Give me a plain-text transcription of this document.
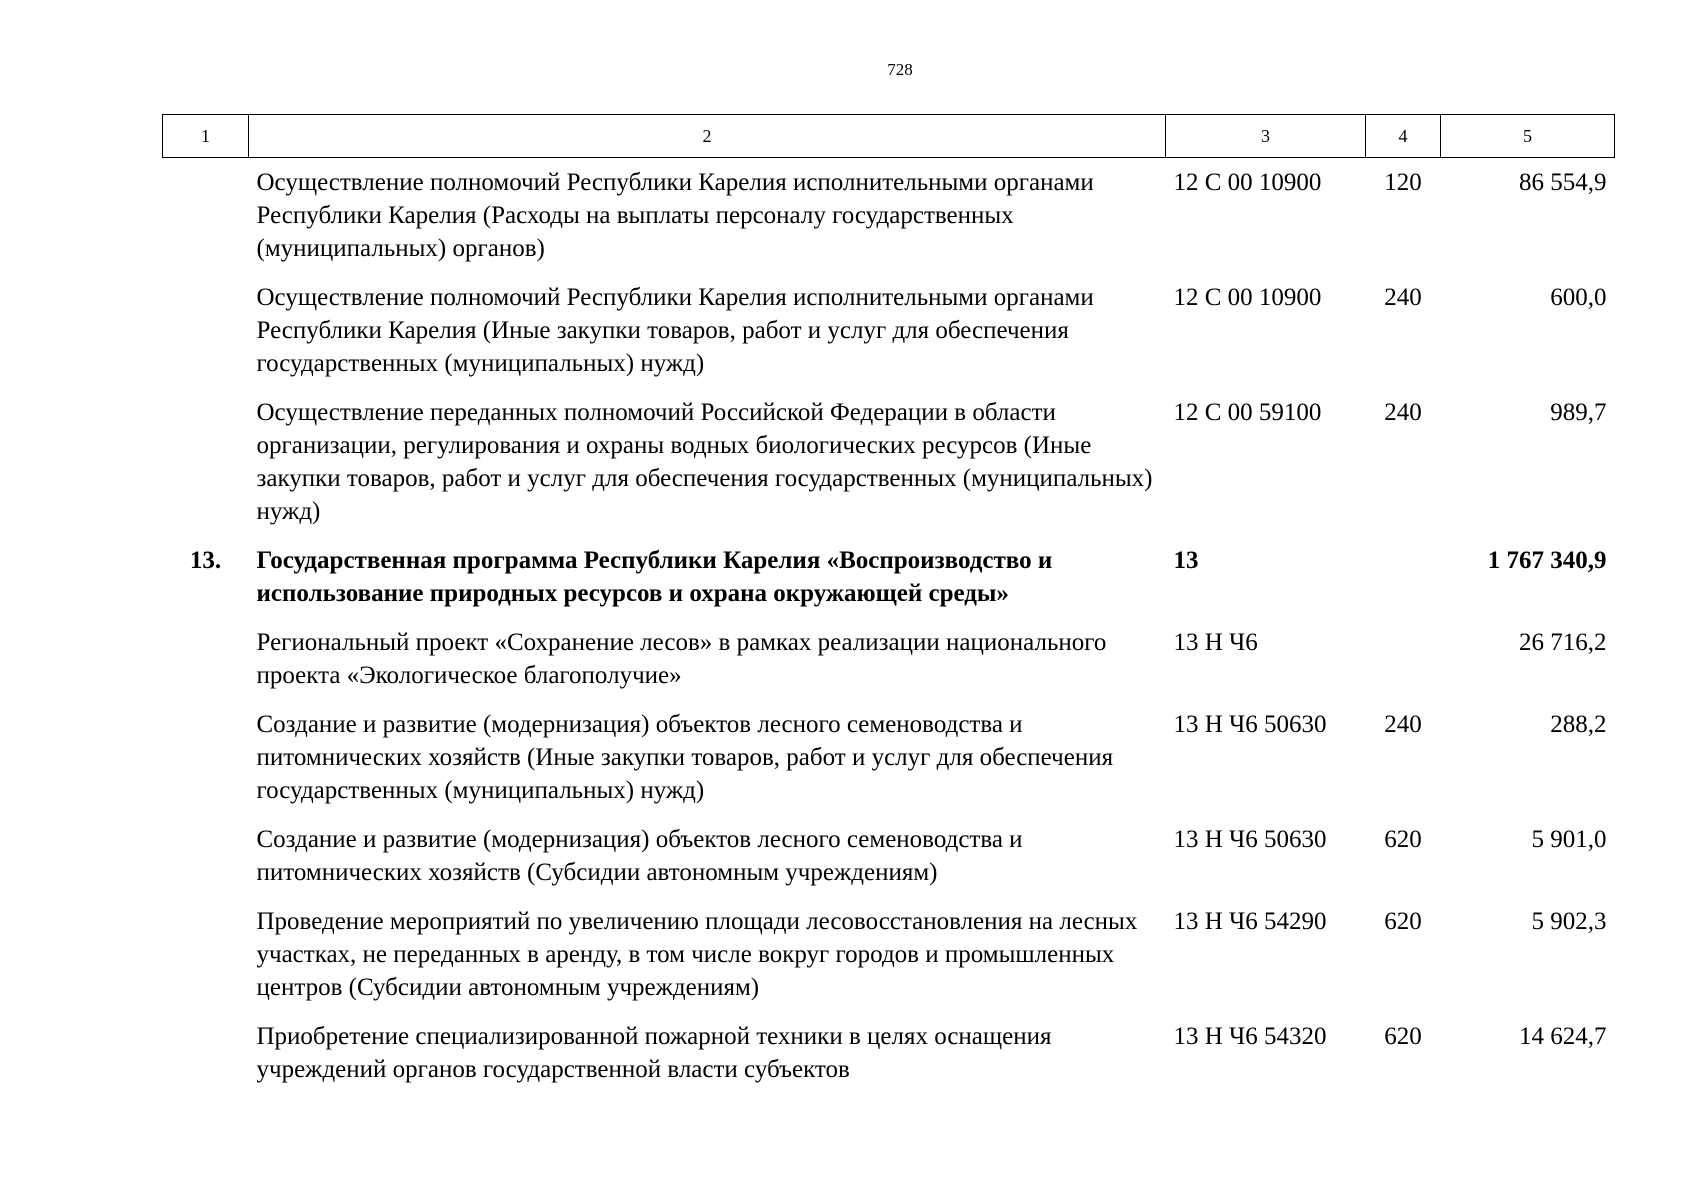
728
1	2	3	4	5
	Осуществление полномочий Республики Карелия исполнительными органами Республики Карелия (Расходы на выплаты персоналу государственных (муниципальных) органов)	12 С 00 10900	120	86 554,9
	Осуществление полномочий Республики Карелия исполнительными органами Республики Карелия (Иные закупки товаров, работ и услуг для обеспечения государственных (муниципальных) нужд)	12 С 00 10900	240	600,0
	Осуществление переданных полномочий Российской Федерации в области организации, регулирования и охраны водных биологических ресурсов (Иные закупки товаров, работ и услуг для обеспечения государственных (муниципальных) нужд)	12 С 00 59100	240	989,7
13.	Государственная программа Республики Карелия «Воспроизводство и использование природных ресурсов и охрана окружающей среды»	13		1 767 340,9
	Региональный проект «Сохранение лесов» в рамках реализации национального проекта «Экологическое благополучие»	13 Н Ч6		26 716,2
	Создание и развитие (модернизация) объектов лесного семеноводства и питомнических хозяйств (Иные закупки товаров, работ и услуг для обеспечения государственных (муниципальных) нужд)	13 Н Ч6 50630	240	288,2
	Создание и развитие (модернизация) объектов лесного семеноводства и питомнических хозяйств (Субсидии автономным учреждениям)	13 Н Ч6 50630	620	5 901,0
	Проведение мероприятий по увеличению площади лесовосстановления на лесных участках, не переданных в аренду, в том числе вокруг городов и промышленных центров (Субсидии автономным учреждениям)	13 Н Ч6 54290	620	5 902,3
	Приобретение специализированной пожарной техники в целях оснащения учреждений органов государственной власти субъектов	13 Н Ч6 54320	620	14 624,7
